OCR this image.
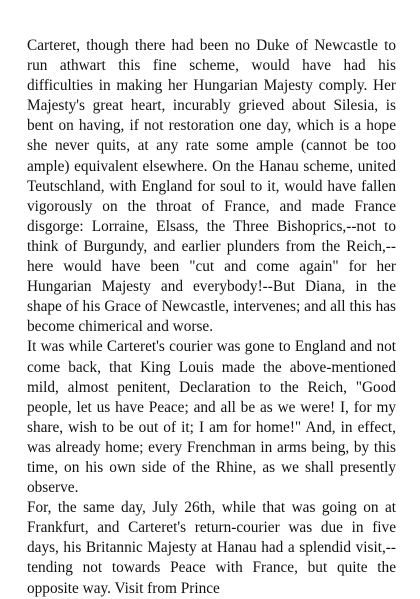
Carteret, though there had been no Duke of Newcastle to run athwart this fine scheme, would have had his difficulties in making her Hungarian Majesty comply. Her Majesty's great heart, incurably grieved about Silesia, is bent on having, if not restoration one day, which is a hope she never quits, at any rate some ample (cannot be too ample) equivalent elsewhere. On the Hanau scheme, united Teutschland, with England for soul to it, would have fallen vigorously on the throat of France, and made France disgorge: Lorraine, Elsass, the Three Bishoprics,--not to think of Burgundy, and earlier plunders from the Reich,--here would have been "cut and come again" for her Hungarian Majesty and everybody!--But Diana, in the shape of his Grace of Newcastle, intervenes; and all this has become chimerical and worse.

It was while Carteret's courier was gone to England and not come back, that King Louis made the above-mentioned mild, almost penitent, Declaration to the Reich, "Good people, let us have Peace; and all be as we were! I, for my share, wish to be out of it; I am for home!" And, in effect, was already home; every Frenchman in arms being, by this time, on his own side of the Rhine, as we shall presently observe.

For, the same day, July 26th, while that was going on at Frankfurt, and Carteret's return-courier was due in five days, his Britannic Majesty at Hanau had a splendid visit,--tending not towards Peace with France, but quite the opposite way. Visit from Prince
